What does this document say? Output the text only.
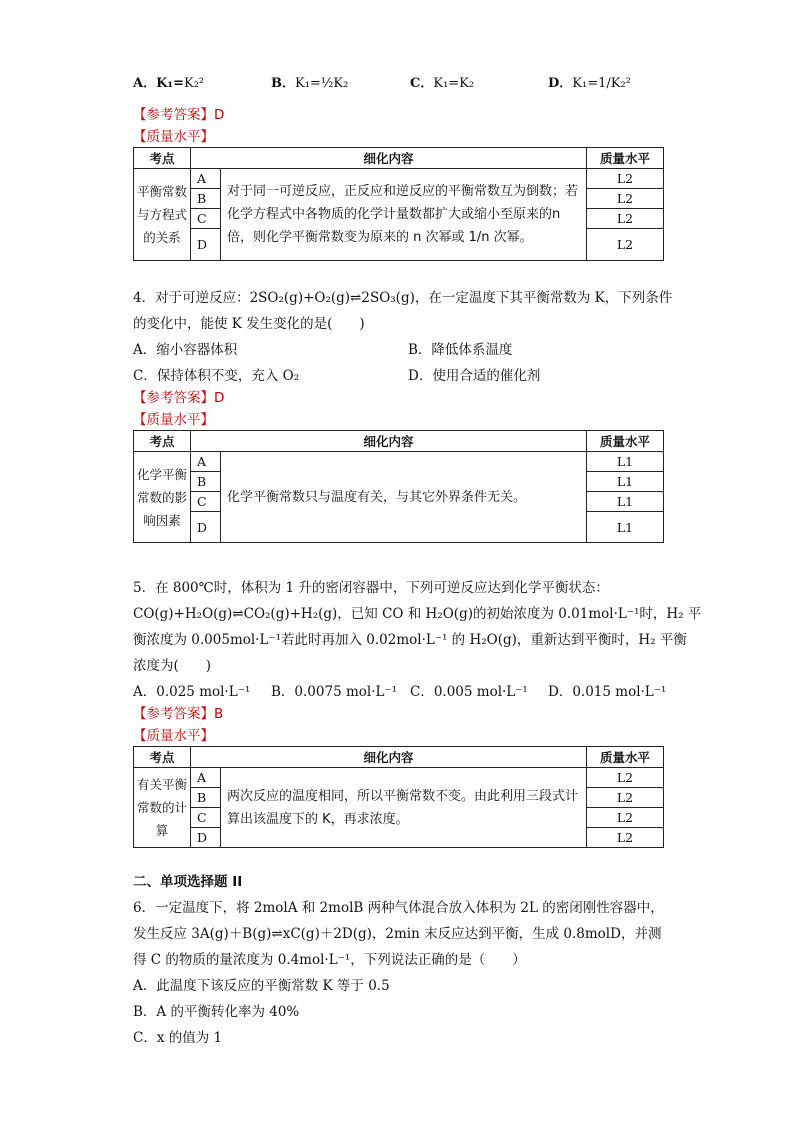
A．K₁=K₂²	B．K₁=½K₂	C．K₁=K₂	D．K₁=1/K₂²
【参考答案】D
【质量水平】
考点	细化内容		质量水平
平衡常数与方程式的关系	A	对于同一可逆反应，正反应和逆反应的平衡常数互为倒数；若化学方程式中各物质的化学计量数都扩大或缩小至原来的n倍，则化学平衡常数变为原来的 n 次幂或 1/n 次幂。	L2
	B		L2
	C		L2
	D		L2
4．对于可逆反应：2SO₂(g)+O₂(g)⇌2SO₃(g)，在一定温度下其平衡常数为 K，下列条件
的变化中，能使 K 发生变化的是(　　)
A．缩小容器体积	B．降低体系温度
C．保持体积不变，充入 O₂	D．使用合适的催化剂
【参考答案】D
【质量水平】
考点	细化内容		质量水平
化学平衡常数的影响因素	A	化学平衡常数只与温度有关，与其它外界条件无关。	L1
	B		L1
	C		L1
	D		L1
5．在 800℃时，体积为 1 升的密闭容器中，下列可逆反应达到化学平衡状态：
CO(g)+H₂O(g)⇌CO₂(g)+H₂(g)，已知 CO 和 H₂O(g)的初始浓度为 0.01mol·L⁻¹时，H₂ 平
衡浓度为 0.005mol·L⁻¹若此时再加入 0.02mol·L⁻¹ 的 H₂O(g)，重新达到平衡时，H₂ 平衡
浓度为(　　)
A．0.025 mol·L⁻¹ B．0.0075 mol·L⁻¹ C．0.005 mol·L⁻¹ D．0.015 mol·L⁻¹
【参考答案】B
【质量水平】
考点	细化内容		质量水平
有关平衡常数的计算	A	两次反应的温度相同，所以平衡常数不变。由此利用三段式计算出该温度下的 K，再求浓度。	L2
	B		L2
	C		L2
	D		L2
二、单项选择题 II
6．一定温度下，将 2molA 和 2molB 两种气体混合放入体积为 2L 的密闭刚性容器中，
发生反应 3A(g)＋B(g)⇌xC(g)＋2D(g)，2min 末反应达到平衡，生成 0.8molD，并测
得 C 的物质的量浓度为 0.4mol·L⁻¹，下列说法正确的是（　　）
A．此温度下该反应的平衡常数 K 等于 0.5
B．A 的平衡转化率为 40%
C．x 的值为 1
